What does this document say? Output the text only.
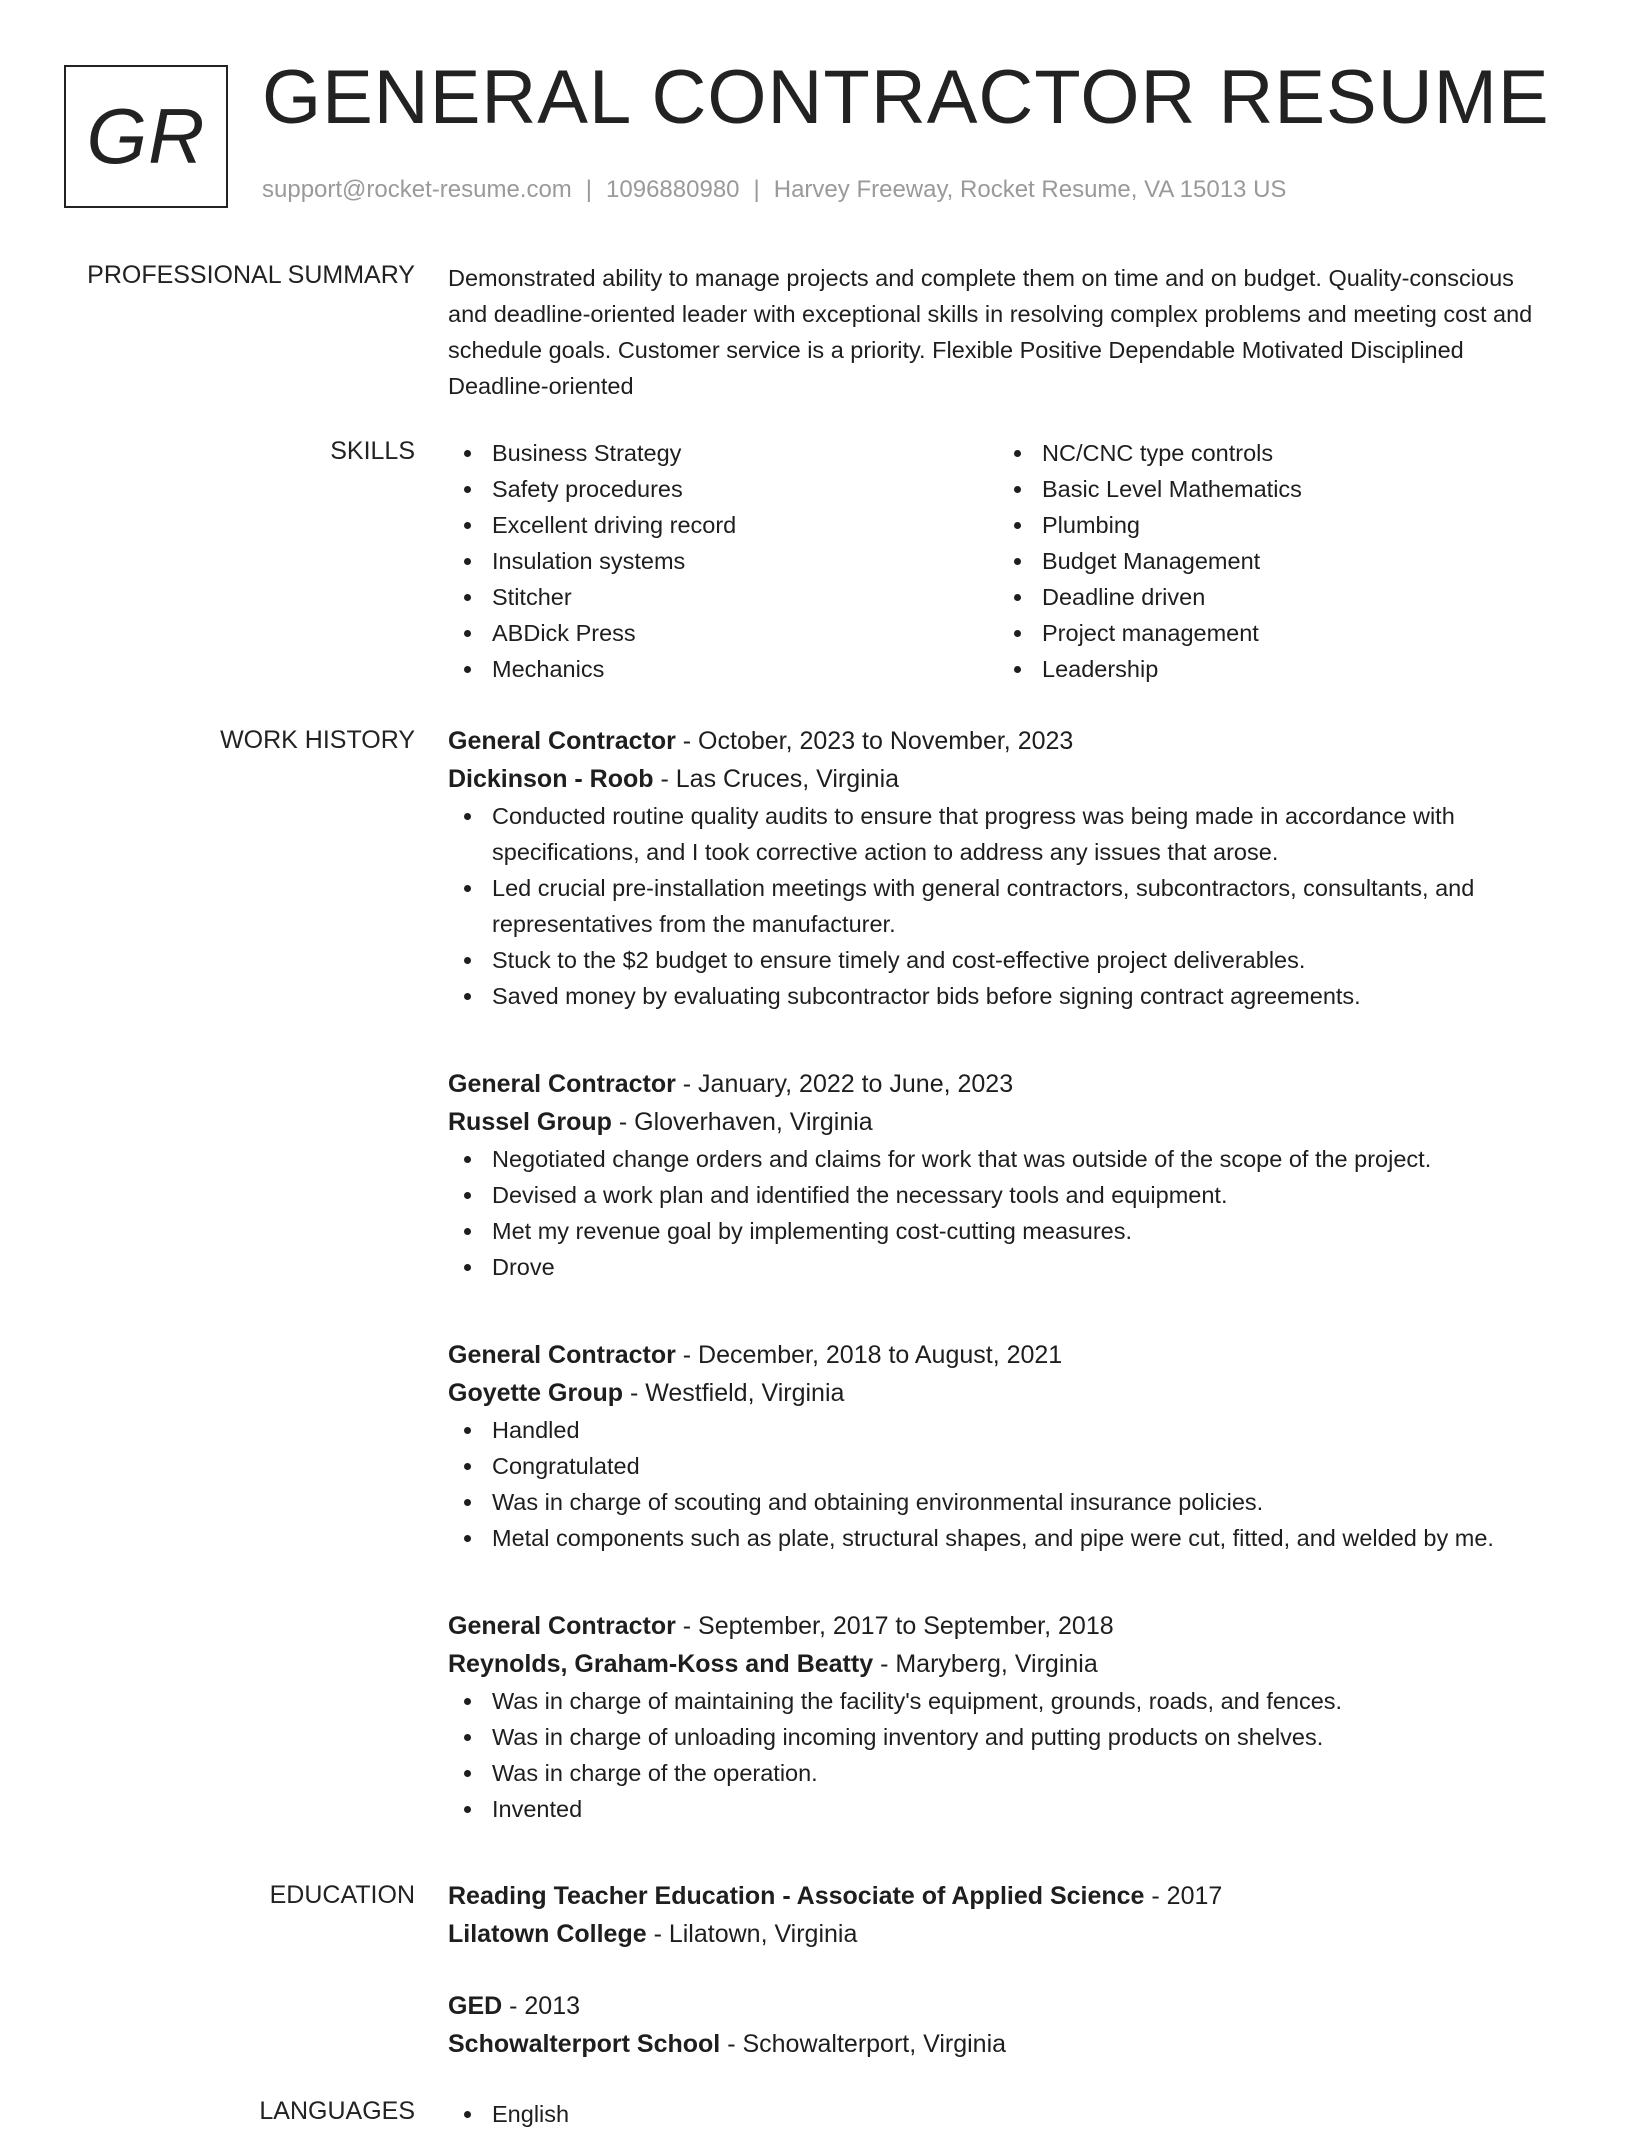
GR GENERAL CONTRACTOR RESUME
support@rocket-resume.com | 1096880980 | Harvey Freeway, Rocket Resume, VA 15013 US
PROFESSIONAL SUMMARY Demonstrated ability to manage projects and complete them on time and on budget. Quality-conscious and deadline-oriented leader with exceptional skills in resolving complex problems and meeting cost and schedule goals. Customer service is a priority. Flexible Positive Dependable Motivated Disciplined Deadline-oriented

SKILLS	Business Strategy
Safety procedures
Excellent driving record
Insulation systems
Stitcher
ABDick Press
Mechanics
NC/CNC type controls
Basic Level Mathematics
Plumbing
Budget Management
Deadline driven
Project management
Leadership
WORK HISTORY General Contractor - October, 2023 to November, 2023
Dickinson - Roob - Las Cruces, Virginia
Conducted routine quality audits to ensure that progress was being made in accordance with specifications, and I took corrective action to address any issues that arose.
Led crucial pre-installation meetings with general contractors, subcontractors, consultants, and representatives from the manufacturer.
Stuck to the $2 budget to ensure timely and cost-effective project deliverables.
Saved money by evaluating subcontractor bids before signing contract agreements.
General Contractor - January, 2022 to June, 2023
Russel Group - Gloverhaven, Virginia
Negotiated change orders and claims for work that was outside of the scope of the project.
Devised a work plan and identified the necessary tools and equipment.
Met my revenue goal by implementing cost-cutting measures.
Drove
General Contractor - December, 2018 to August, 2021
Goyette Group - Westfield, Virginia
Handled
Congratulated
Was in charge of scouting and obtaining environmental insurance policies.
Metal components such as plate, structural shapes, and pipe were cut, fitted, and welded by me.
General Contractor - September, 2017 to September, 2018
Reynolds, Graham-Koss and Beatty - Maryberg, Virginia
Was in charge of maintaining the facility's equipment, grounds, roads, and fences.
Was in charge of unloading incoming inventory and putting products on shelves.
Was in charge of the operation.
Invented
EDUCATION Reading Teacher Education - Associate of Applied Science - 2017
Lilatown College - Lilatown, Virginia
GED - 2013
Schowalterport School - Schowalterport, Virginia
LANGUAGES	English
